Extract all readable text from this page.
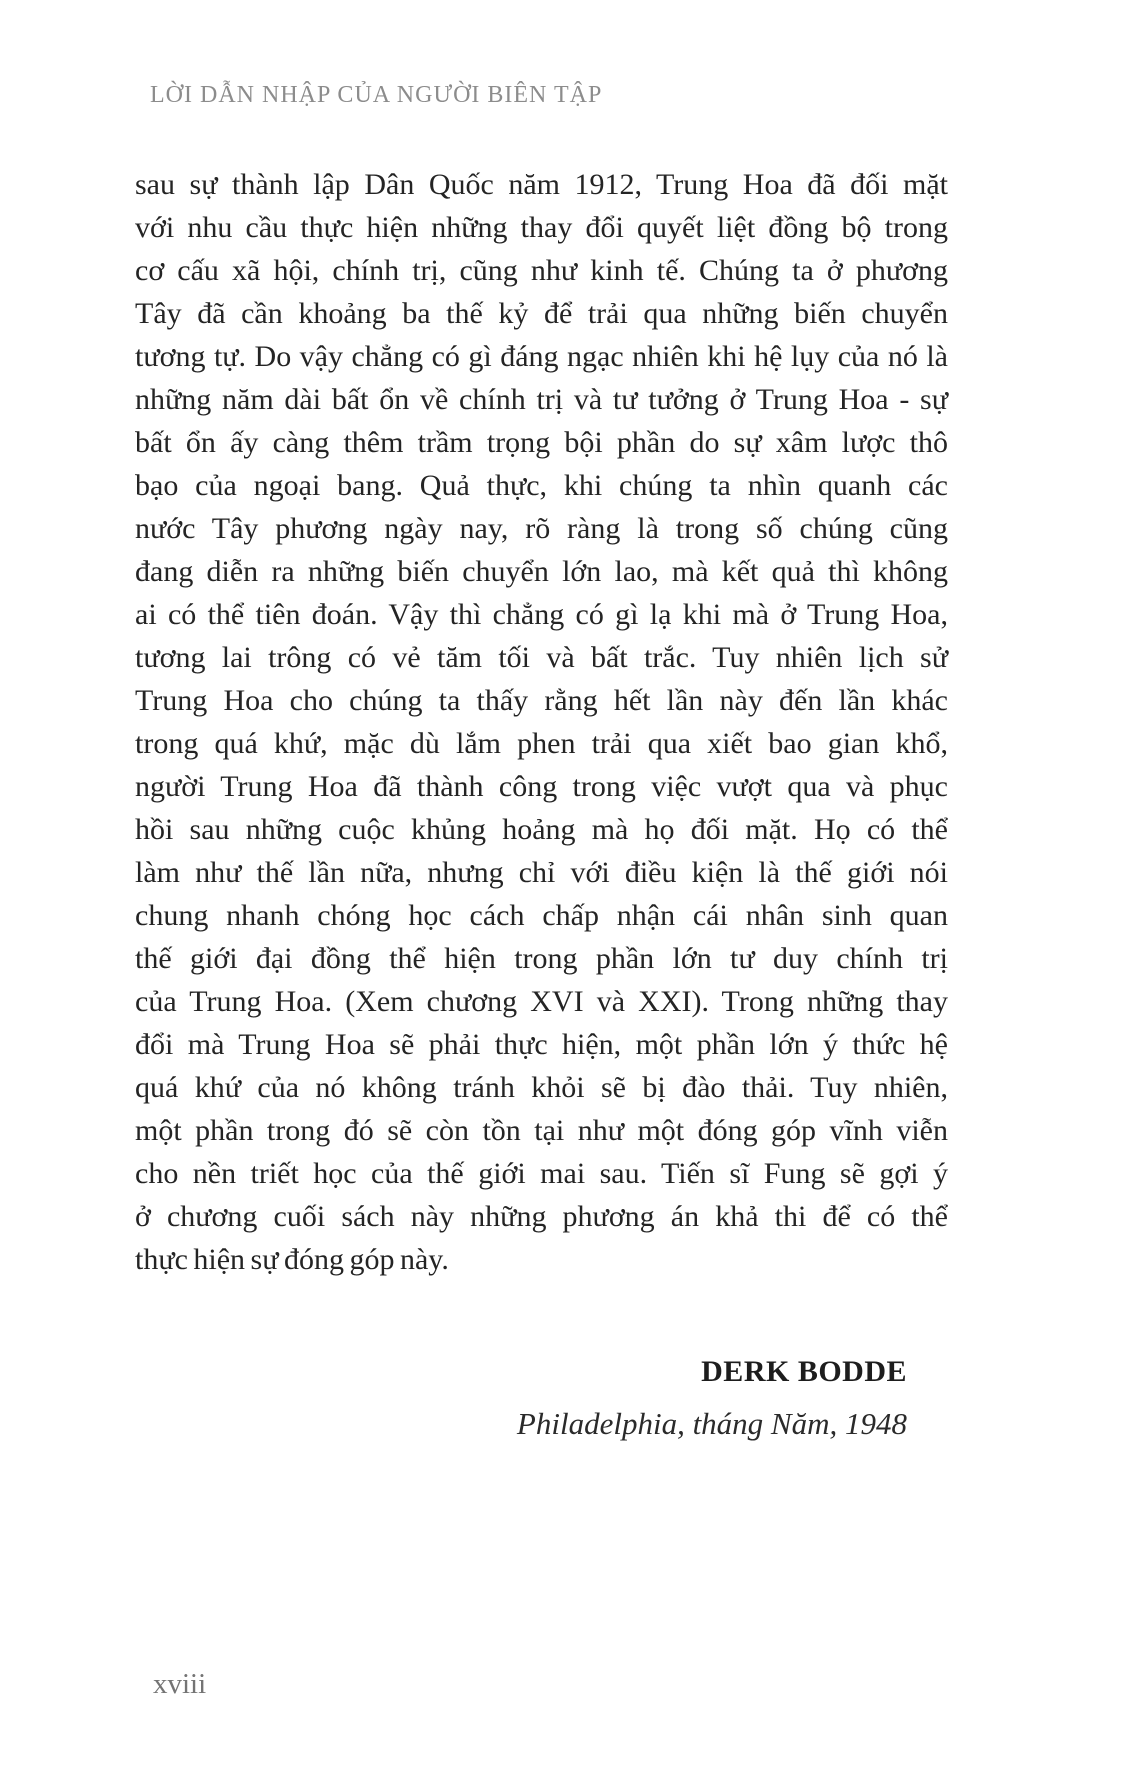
LỜI DẪN NHẬP CỦA NGƯỜI BIÊN TẬP
sau sự thành lập Dân Quốc năm 1912, Trung Hoa đã đối mặt
với nhu cầu thực hiện những thay đổi quyết liệt đồng bộ trong
cơ cấu xã hội, chính trị, cũng như kinh tế. Chúng ta ở phương
Tây đã cần khoảng ba thế kỷ để trải qua những biến chuyển
tương tự. Do vậy chẳng có gì đáng ngạc nhiên khi hệ lụy của nó là
những năm dài bất ổn về chính trị và tư tưởng ở Trung Hoa - sự
bất ổn ấy càng thêm trầm trọng bội phần do sự xâm lược thô
bạo của ngoại bang. Quả thực, khi chúng ta nhìn quanh các
nước Tây phương ngày nay, rõ ràng là trong số chúng cũng
đang diễn ra những biến chuyển lớn lao, mà kết quả thì không
ai có thể tiên đoán. Vậy thì chẳng có gì lạ khi mà ở Trung Hoa,
tương lai trông có vẻ tăm tối và bất trắc. Tuy nhiên lịch sử
Trung Hoa cho chúng ta thấy rằng hết lần này đến lần khác
trong quá khứ, mặc dù lắm phen trải qua xiết bao gian khổ,
người Trung Hoa đã thành công trong việc vượt qua và phục
hồi sau những cuộc khủng hoảng mà họ đối mặt. Họ có thể
làm như thế lần nữa, nhưng chỉ với điều kiện là thế giới nói
chung nhanh chóng học cách chấp nhận cái nhân sinh quan
thế giới đại đồng thể hiện trong phần lớn tư duy chính trị
của Trung Hoa. (Xem chương XVI và XXI). Trong những thay
đổi mà Trung Hoa sẽ phải thực hiện, một phần lớn ý thức hệ
quá khứ của nó không tránh khỏi sẽ bị đào thải. Tuy nhiên,
một phần trong đó sẽ còn tồn tại như một đóng góp vĩnh viễn
cho nền triết học của thế giới mai sau. Tiến sĩ Fung sẽ gợi ý
ở chương cuối sách này những phương án khả thi để có thể
thực hiện sự đóng góp này.
DERK BODDE
Philadelphia, tháng Năm, 1948
xviii
